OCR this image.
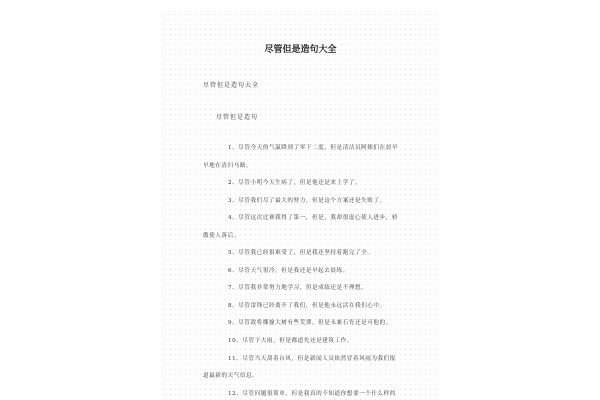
尽管但是造句大全
尽管但是造句大全
尽管但是造句
1、尽管今天的气温降到了零下二度，但是清洁员阿姨们在晨早
早地在清扫马路。
2、尽管小明今天生病了，但是他还是来上学了。
3、尽管我们尽了最大的努力，但是这个方案还是失败了。
4、尽管这次比赛我得了第一，但是，我却很虚心使人进步，骄
傲使人落后。
5、尽管我已经很难受了，但是我还坚持着跑完了全。
6、尽管天气很冷，但是我还是早起去晨练。
7、尽管我非常努力地学习，但是成绩还是不理想。
8、尽管雷锋已经离开了我们，但是他永远活在我们心中。
9、尽管敌将揶揄大树有些荒谬，但是永兼石宵还是可他的。
10、尽管下大雨，但是都道先还是建筑工作。
11、尽管当天刮着台风，但是新闻人员依然冒着风雨为我们报
道最新的天气信息。
12、尽管问题很简单，但是我真的不知道你想要一个什么样的
